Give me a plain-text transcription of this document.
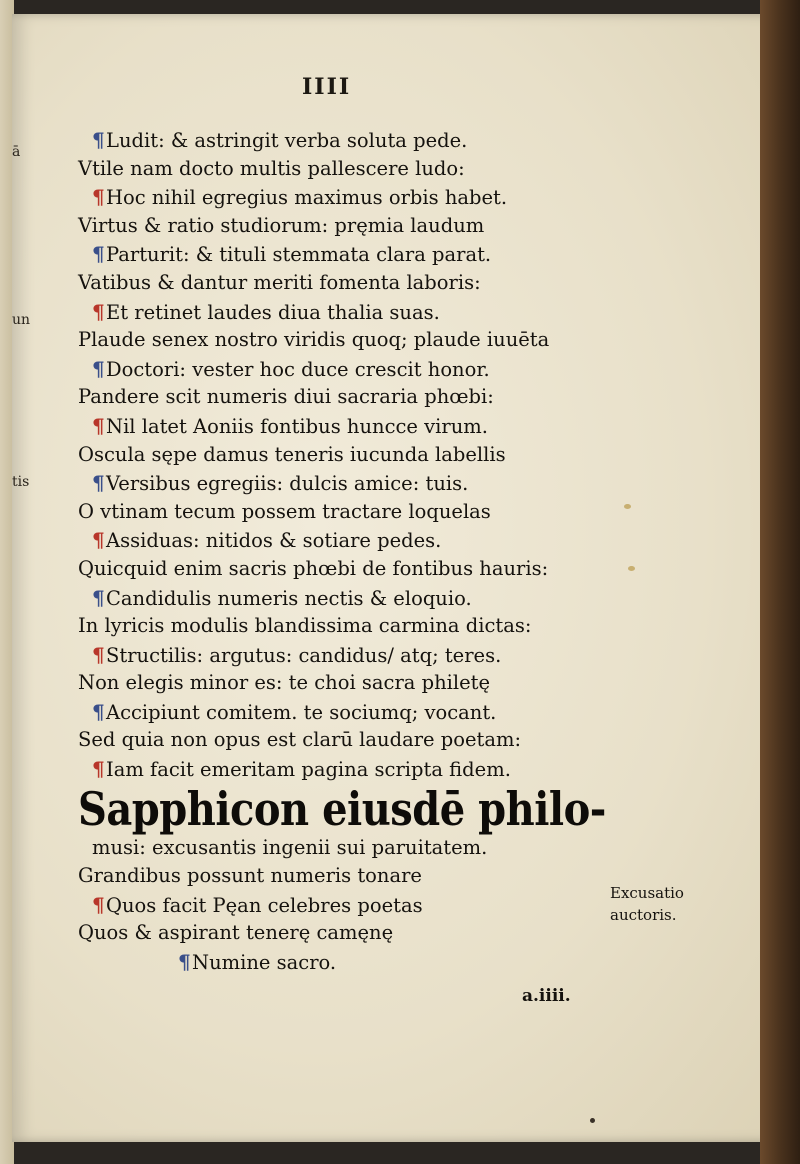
IIII
ā
un
tis
¶Ludit: & astringit verba soluta pede.
Vtile nam docto multis pallescere ludo:
¶Hoc nihil egregius maximus orbis habet.
Virtus & ratio studiorum: pręmia laudum
¶Parturit: & tituli stemmata clara parat.
Vatibus & dantur meriti fomenta laboris:
¶Et retinet laudes diua thalia suas.
Plaude senex nostro viridis quoq; plaude iuuēta
¶Doctori: vester hoc duce crescit honor.
Pandere scit numeris diui sacraria phœbi:
¶Nil latet Aoniis fontibus huncce virum.
Oscula sępe damus teneris iucunda labellis
¶Versibus egregiis: dulcis amice: tuis.
O vtinam tecum possem tractare loquelas
¶Assiduas: nitidos & sotiare pedes.
Quicquid enim sacris phœbi de fontibus hauris:
¶Candidulis numeris nectis & eloquio.
In lyricis modulis blandissima carmina dictas:
¶Structilis: argutus: candidus/ atq; teres.
Non elegis minor es: te choi sacra philetę
¶Accipiunt comitem. te sociumq; vocant.
Sed quia non opus est clarū laudare poetam:
¶Iam facit emeritam pagina scripta fidem.
Sapphicon eiusdē philo-
musi: excusantis ingenii sui paruitatem.
Grandibus possunt numeris tonare
¶Quos facit Pęan celebres poetas
Quos & aspirant tenerę camęnę
¶Numine sacro.
Excusatio
auctoris.
a.iiii.
